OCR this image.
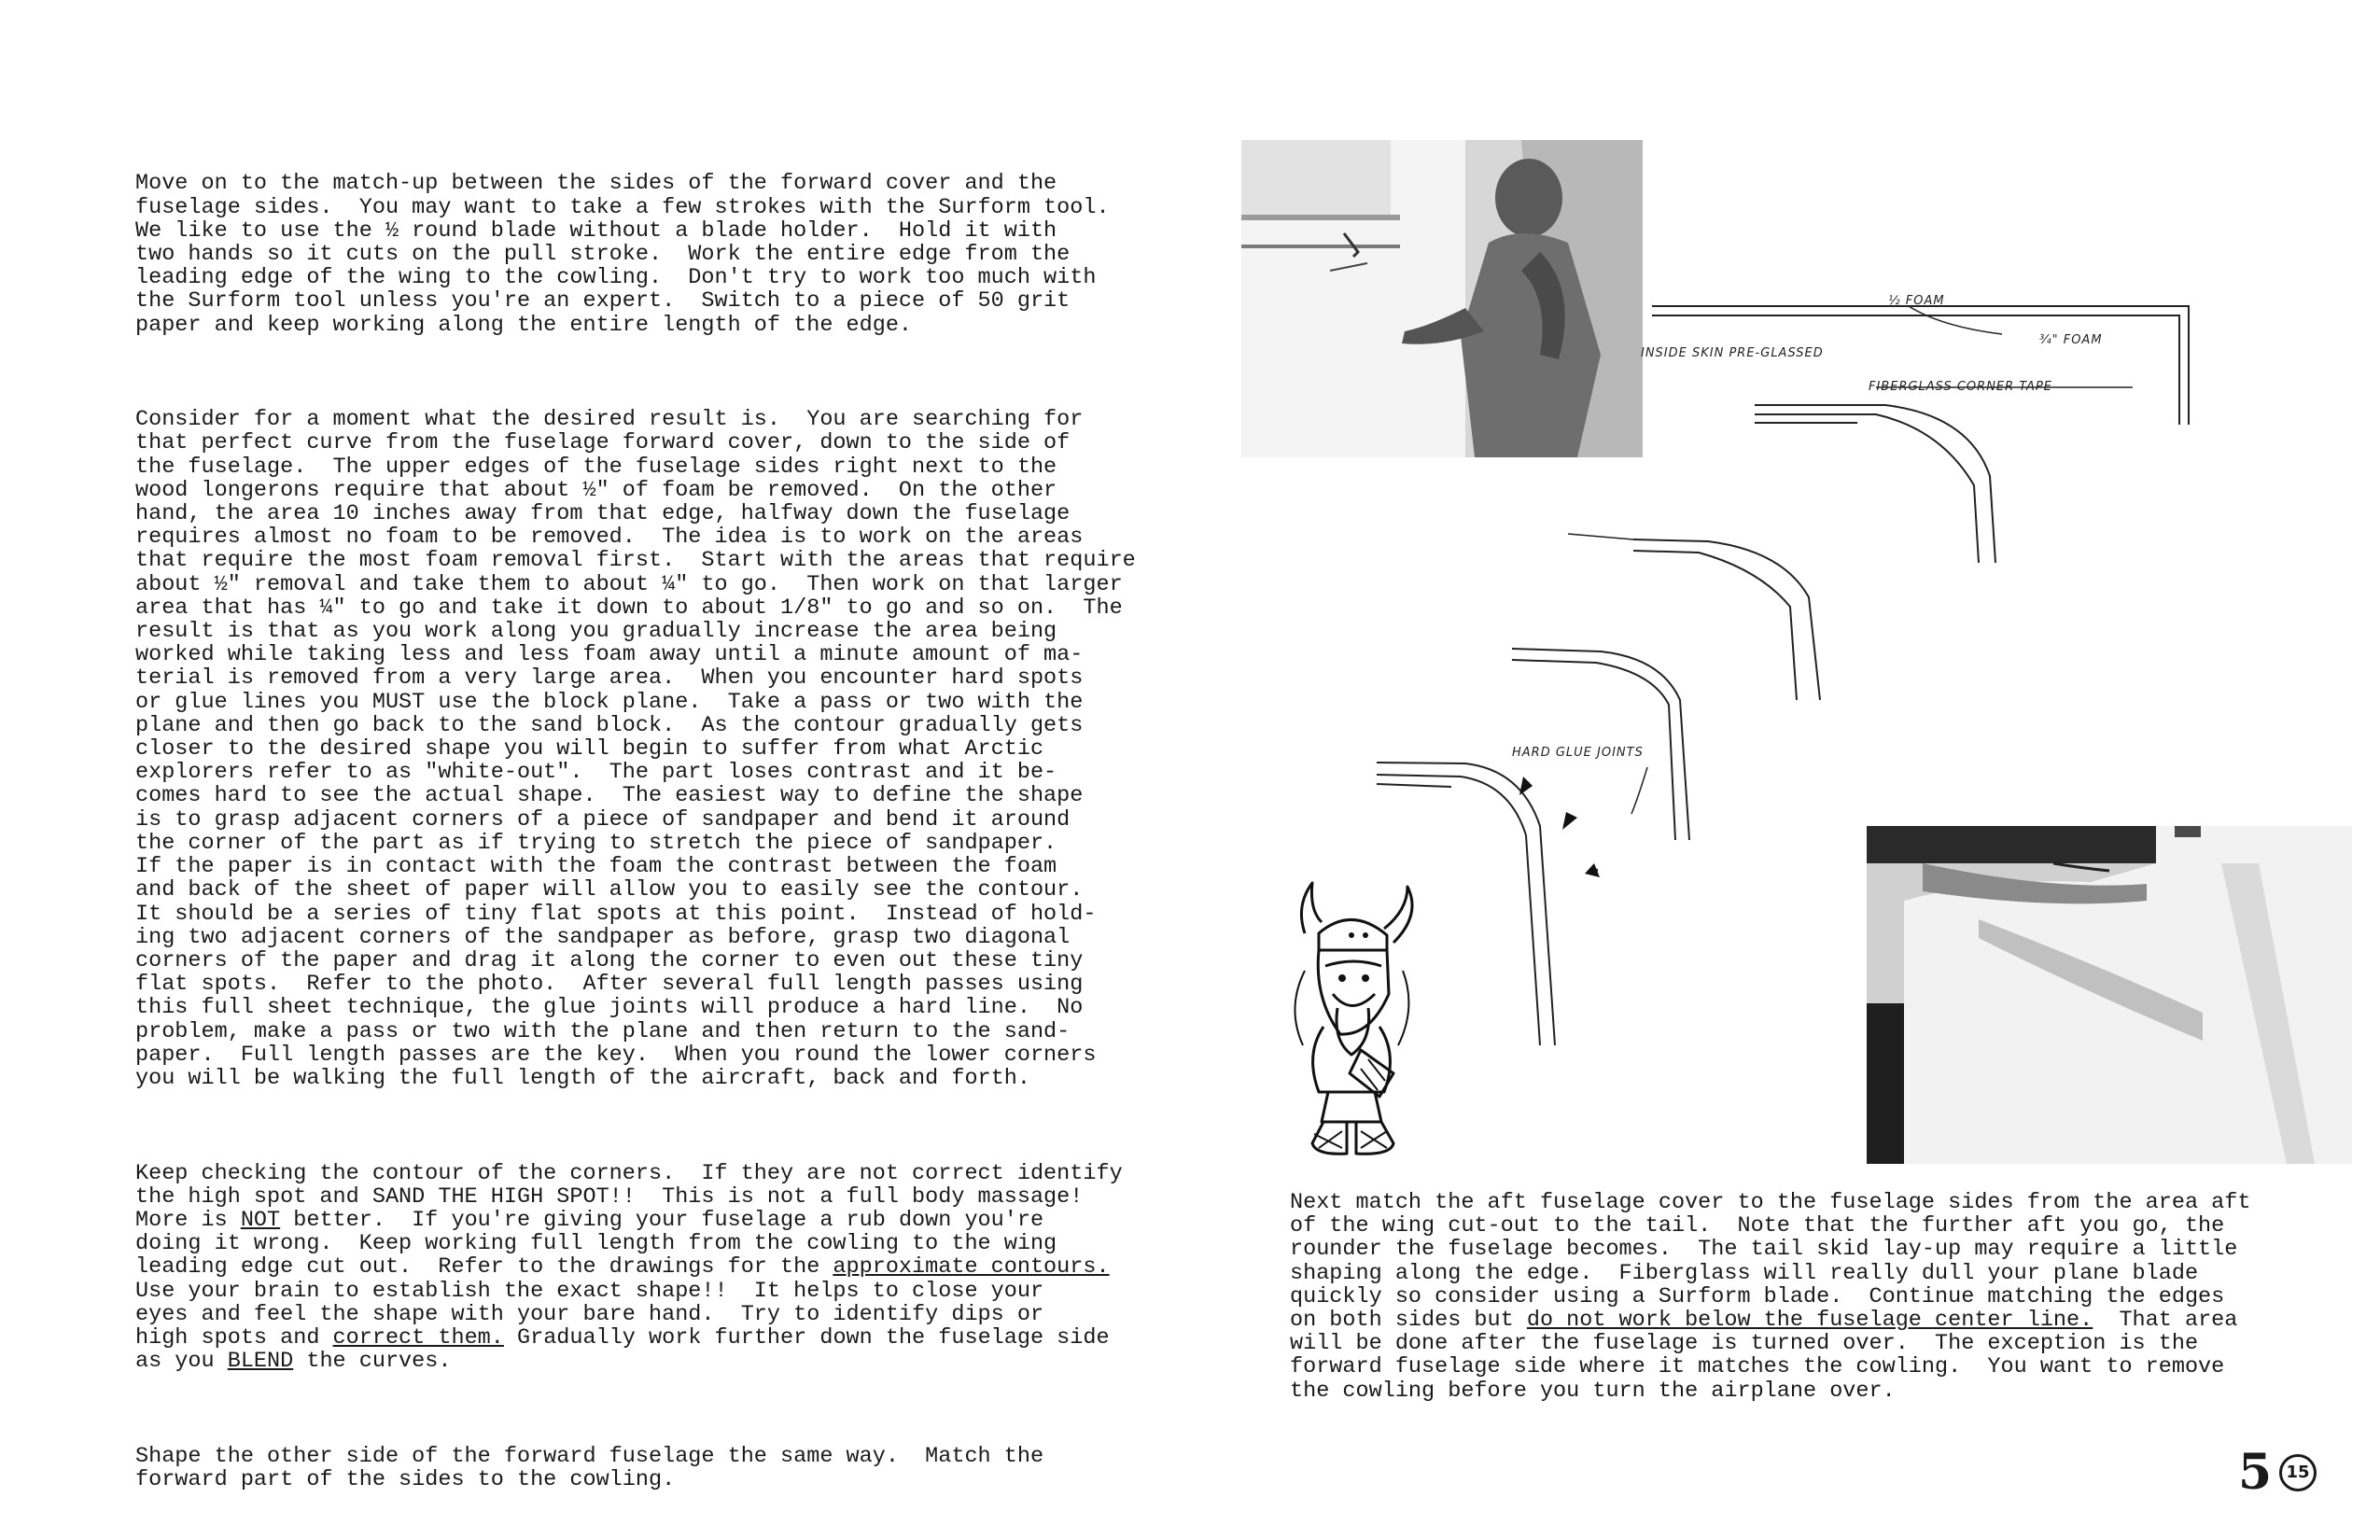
Move on to the match-up between the sides of the forward cover and the
fuselage sides.  You may want to take a few strokes with the Surform tool.
We like to use the ½ round blade without a blade holder.  Hold it with
two hands so it cuts on the pull stroke.  Work the entire edge from the
leading edge of the wing to the cowling.  Don't try to work too much with
the Surform tool unless you're an expert.  Switch to a piece of 50 grit
paper and keep working along the entire length of the edge.

Consider for a moment what the desired result is.  You are searching for
that perfect curve from the fuselage forward cover, down to the side of
the fuselage.  The upper edges of the fuselage sides right next to the
wood longerons require that about ½" of foam be removed.  On the other
hand, the area 10 inches away from that edge, halfway down the fuselage
requires almost no foam to be removed.  The idea is to work on the areas
that require the most foam removal first.  Start with the areas that require
about ½" removal and take them to about ¼" to go.  Then work on that larger
area that has ¼" to go and take it down to about 1/8" to go and so on.  The
result is that as you work along you gradually increase the area being
worked while taking less and less foam away until a minute amount of ma-
terial is removed from a very large area.  When you encounter hard spots
or glue lines you MUST use the block plane.  Take a pass or two with the
plane and then go back to the sand block.  As the contour gradually gets
closer to the desired shape you will begin to suffer from what Arctic
explorers refer to as "white-out".  The part loses contrast and it be-
comes hard to see the actual shape.  The easiest way to define the shape
is to grasp adjacent corners of a piece of sandpaper and bend it around
the corner of the part as if trying to stretch the piece of sandpaper.
If the paper is in contact with the foam the contrast between the foam
and back of the sheet of paper will allow you to easily see the contour.
It should be a series of tiny flat spots at this point.  Instead of hold-
ing two adjacent corners of the sandpaper as before, grasp two diagonal
corners of the paper and drag it along the corner to even out these tiny
flat spots.  Refer to the photo.  After several full length passes using
this full sheet technique, the glue joints will produce a hard line.  No
problem, make a pass or two with the plane and then return to the sand-
paper.  Full length passes are the key.  When you round the lower corners
you will be walking the full length of the aircraft, back and forth.

Keep checking the contour of the corners.  If they are not correct identify
the high spot and SAND THE HIGH SPOT!!  This is not a full body massage!
More is NOT better.  If you're giving your fuselage a rub down you're
doing it wrong.  Keep working full length from the cowling to the wing
leading edge cut out.  Refer to the drawings for the approximate contours.
Use your brain to establish the exact shape!!  It helps to close your
eyes and feel the shape with your bare hand.  Try to identify dips or
high spots and correct them. Gradually work further down the fuselage side
as you BLEND the curves.

Shape the other side of the forward fuselage the same way.  Match the
forward part of the sides to the cowling.

½ FOAM
¾" FOAM
INSIDE SKIN PRE-GLASSED
FIBERGLASS CORNER TAPE
HARD GLUE JOINTS
Next match the aft fuselage cover to the fuselage sides from the area aft
of the wing cut-out to the tail.  Note that the further aft you go, the
rounder the fuselage becomes.  The tail skid lay-up may require a little
shaping along the edge.  Fiberglass will really dull your plane blade
quickly so consider using a Surform blade.  Continue matching the edges
on both sides but do not work below the fuselage center line.  That area
will be done after the fuselage is turned over.  The exception is the
forward fuselage side where it matches the cowling.  You want to remove
the cowling before you turn the airplane over.
5 15
